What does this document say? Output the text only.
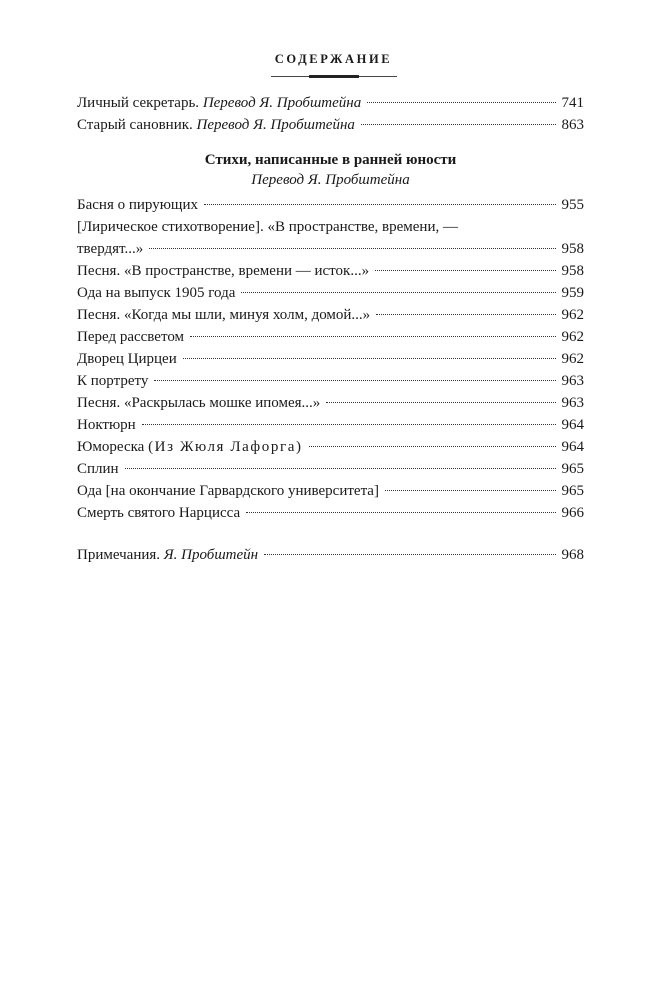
СОДЕРЖАНИЕ
Личный секретарь. Перевод Я. Пробштейна	741
Старый сановник. Перевод Я. Пробштейна	863
Стихи, написанные в ранней юности
Перевод Я. Пробштейна
Басня о пирующих	955
[Лирическое стихотворение]. «В пространстве, времени, —
твердят...»	958
Песня. «В пространстве, времени — исток...»	958
Ода на выпуск 1905 года	959
Песня. «Когда мы шли, минуя холм, домой...»	962
Перед рассветом	962
Дворец Цирцеи	962
К портрету	963
Песня. «Раскрылась мошке ипомея...»	963
Ноктюрн	964
Юмореска (Из Жюля Лафорга)	964
Сплин	965
Ода [на окончание Гарвардского университета]	965
Смерть святого Нарцисса	966
Примечания. Я. Пробштейн	968
